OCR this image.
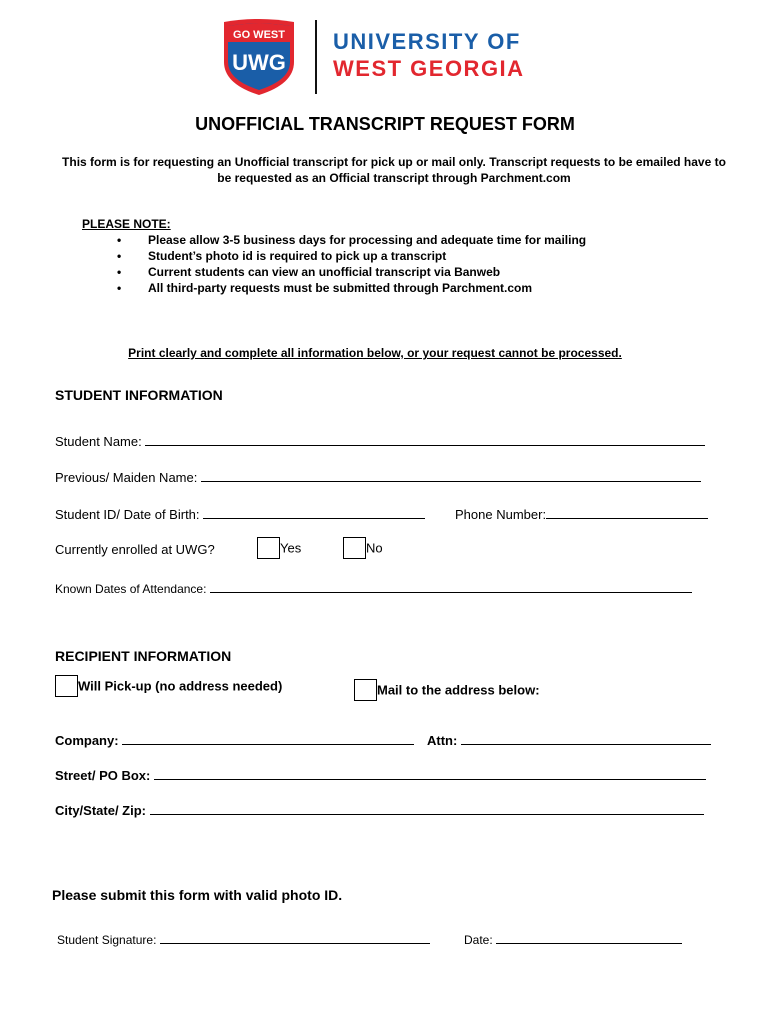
GO WEST
UWG
UNIVERSITY OF
WEST GEORGIA
UNOFFICIAL TRANSCRIPT REQUEST FORM
This form is for requesting an Unofficial transcript for pick up or mail only. Transcript requests to be emailed have to be requested as an Official transcript through Parchment.com
PLEASE NOTE:
• Please allow 3-5 business days for processing and adequate time for mailing
• Student’s photo id is required to pick up a transcript
• Current students can view an unofficial transcript via Banweb
• All third-party requests must be submitted through Parchment.com
Print clearly and complete all information below, or your request cannot be processed.
STUDENT INFORMATION
Student Name:
Previous/ Maiden Name:
Student ID/ Date of Birth:	Phone Number:
Currently enrolled at UWG?	Yes	No
Known Dates of Attendance:
RECIPIENT INFORMATION
Will Pick-up (no address needed)	Mail to the address below:
Company:	Attn:
Street/ PO Box:
City/State/ Zip:
Please submit this form with valid photo ID.
Student Signature:	Date:
